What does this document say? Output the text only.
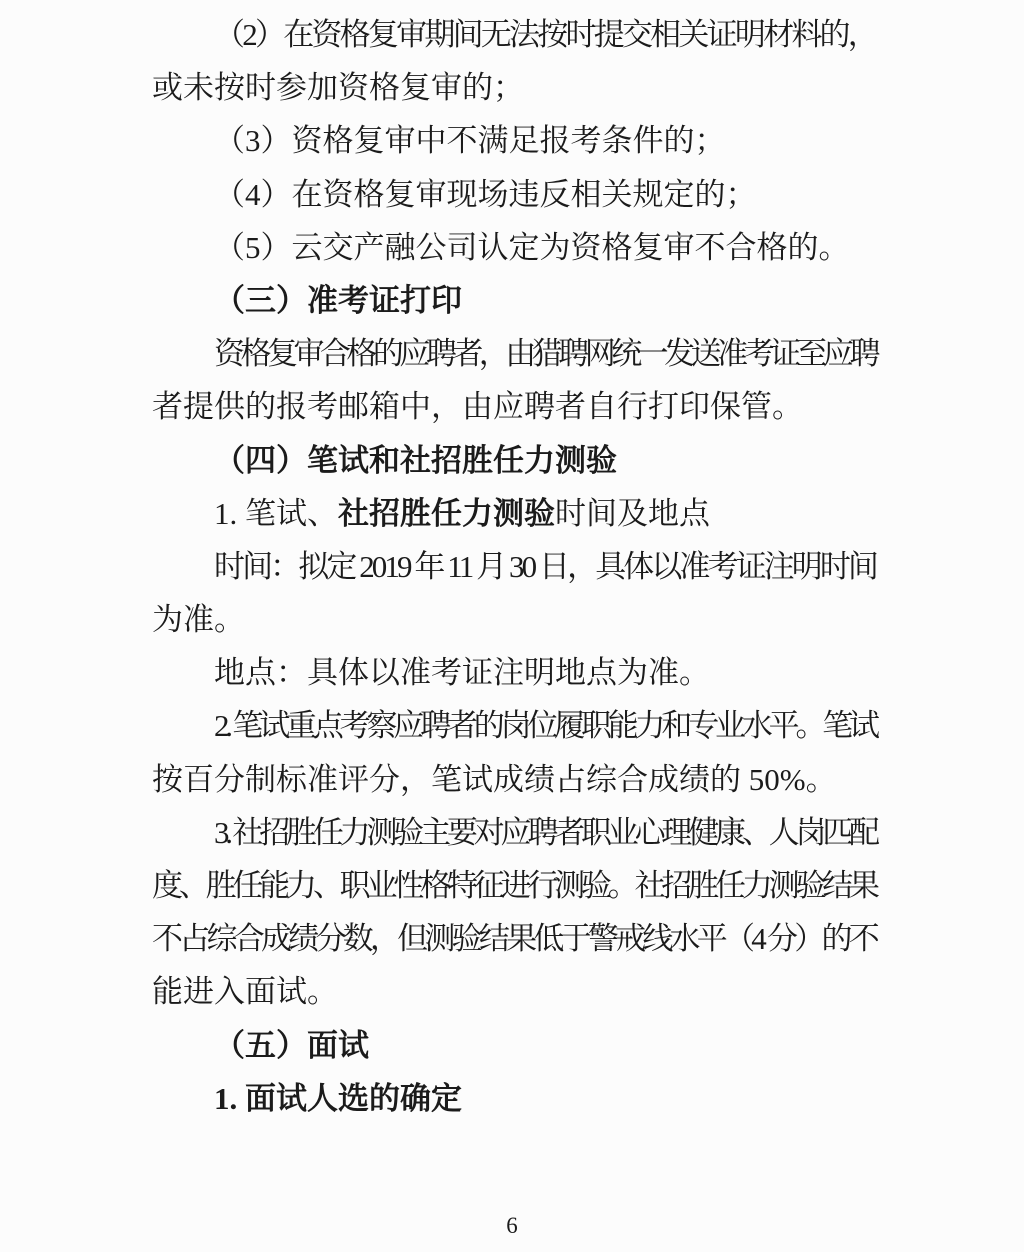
（2）在资格复审期间无法按时提交相关证明材料的，
或未按时参加资格复审的；
（3）资格复审中不满足报考条件的；
（4）在资格复审现场违反相关规定的；
（5）云交产融公司认定为资格复审不合格的。
（三）准考证打印
资格复审合格的应聘者，由猎聘网统一发送准考证至应聘
者提供的报考邮箱中，由应聘者自行打印保管。
（四）笔试和社招胜任力测验
1. 笔试、社招胜任力测验时间及地点
时间：拟定 2019 年 11 月 30 日，具体以准考证注明时间
为准。
地点：具体以准考证注明地点为准。
2. 笔试重点考察应聘者的岗位履职能力和专业水平。笔试
按百分制标准评分，笔试成绩占综合成绩的 50%。
3. 社招胜任力测验主要对应聘者职业心理健康、人岗匹配
度、胜任能力、职业性格特征进行测验。社招胜任力测验结果
不占综合成绩分数，但测验结果低于警戒线水平（4 分）的不
能进入面试。
（五）面试
1. 面试人选的确定
6
